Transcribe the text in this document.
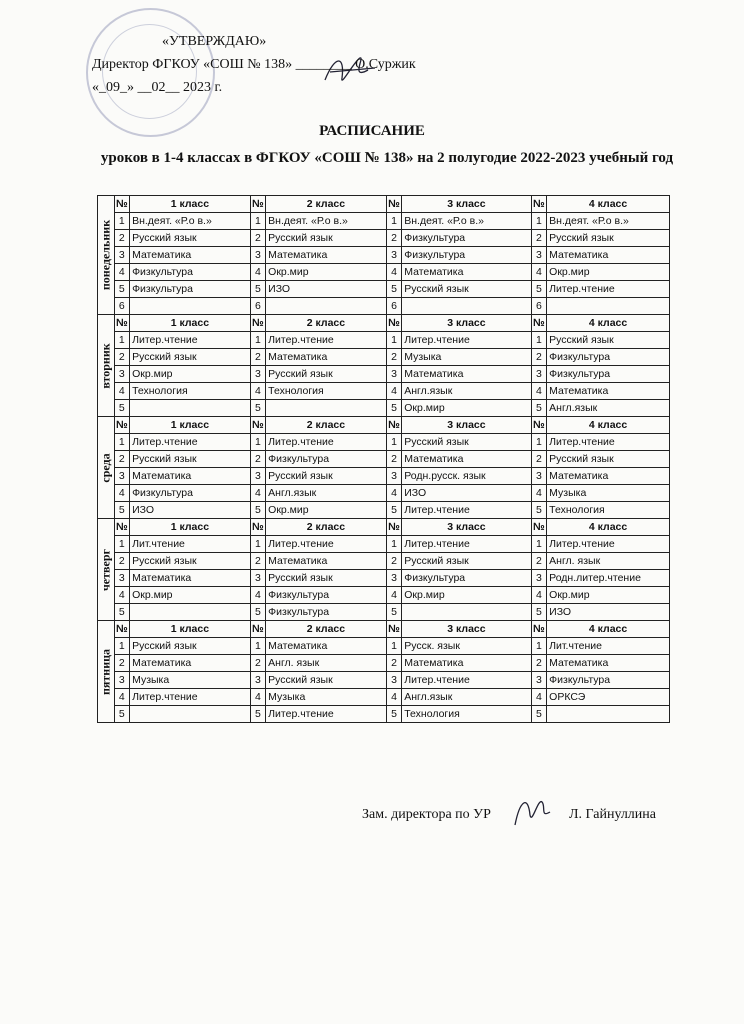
«УТВЕРЖДАЮ»
Директор ФГКОУ «СОШ № 138» ________ О.Суржик
«_09_» __02__ 2023 г.
РАСПИСАНИЕ
уроков в 1-4 классах в ФГКОУ «СОШ № 138» на 2 полугодие 2022-2023 учебный год
понедельник	№	1 класс	№	2 класс	№	3 класс	№	4 класс
	1	Вн.деят. «Р.о в.»	1	Вн.деят. «Р.о в.»	1	Вн.деят. «Р.о в.»	1	Вн.деят. «Р.о в.»
	2	Русский язык	2	Русский язык	2	Физкультура	2	Русский язык
	3	Математика	3	Математика	3	Физкультура	3	Математика
	4	Физкультура	4	Окр.мир	4	Математика	4	Окр.мир
	5	Физкультура	5	ИЗО	5	Русский язык	5	Литер.чтение
	6		6		6		6	

вторник	№	1 класс	№	2 класс	№	3 класс	№	4 класс
	1	Литер.чтение	1	Литер.чтение	1	Литер.чтение	1	Русский язык
	2	Русский язык	2	Математика	2	Музыка	2	Физкультура
	3	Окр.мир	3	Русский язык	3	Математика	3	Физкультура
	4	Технология	4	Технология	4	Англ.язык	4	Математика
	5		5		5	Окр.мир	5	Англ.язык

среда	№	1 класс	№	2 класс	№	3 класс	№	4 класс
	1	Литер.чтение	1	Литер.чтение	1	Русский язык	1	Литер.чтение
	2	Русский язык	2	Физкультура	2	Математика	2	Русский язык
	3	Математика	3	Русский язык	3	Родн.русск. язык	3	Математика
	4	Физкультура	4	Англ.язык	4	ИЗО	4	Музыка
	5	ИЗО	5	Окр.мир	5	Литер.чтение	5	Технология

четверг	№	1 класс	№	2 класс	№	3 класс	№	4 класс
	1	Лит.чтение	1	Литер.чтение	1	Литер.чтение	1	Литер.чтение
	2	Русский язык	2	Математика	2	Русский язык	2	Англ. язык
	3	Математика	3	Русский язык	3	Физкультура	3	Родн.литер.чтение
	4	Окр.мир	4	Физкультура	4	Окр.мир	4	Окр.мир
	5		5	Физкультура	5		5	ИЗО

пятница	№	1 класс	№	2 класс	№	3 класс	№	4 класс
	1	Русский язык	1	Математика	1	Русск. язык	1	Лит.чтение
	2	Математика	2	Англ. язык	2	Математика	2	Математика
	3	Музыка	3	Русский язык	3	Литер.чтение	3	Физкультура
	4	Литер.чтение	4	Музыка	4	Англ.язык	4	ОРКСЭ
	5		5	Литер.чтение	5	Технология	5	
Зам. директора по УР	Л. Гайнуллина
